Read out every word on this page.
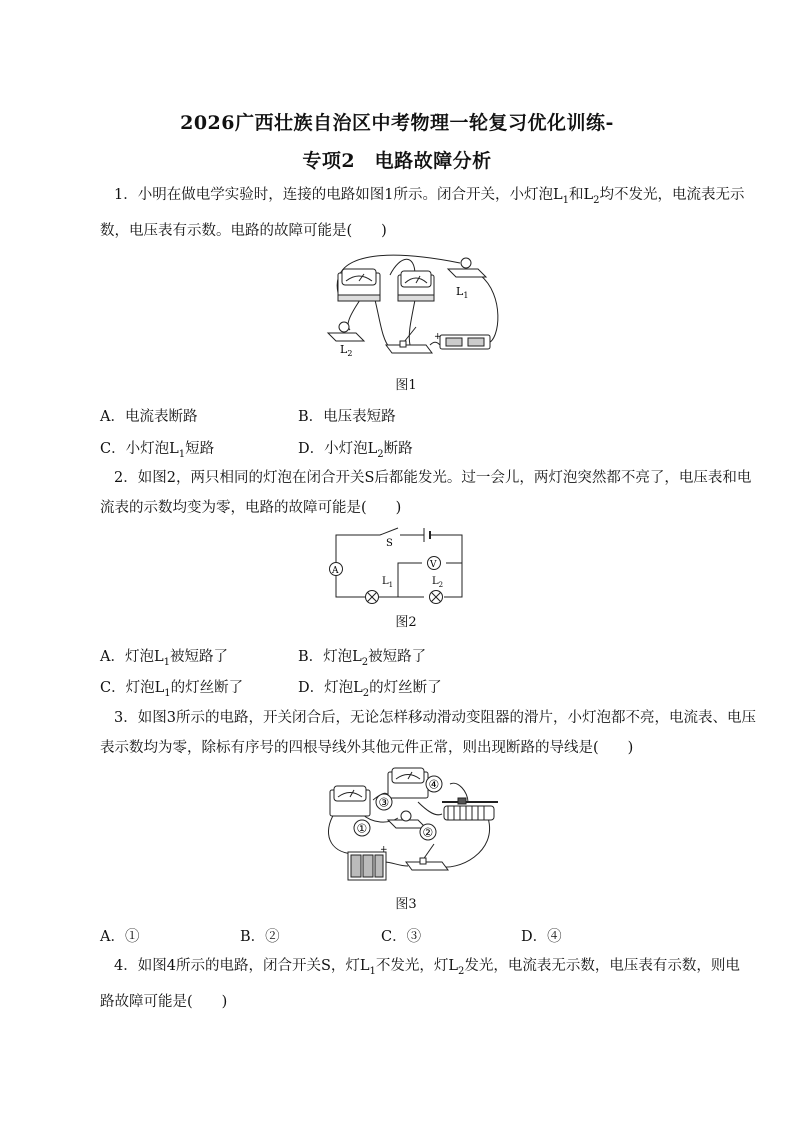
2026广西壮族自治区中考物理一轮复习优化训练-
专项2　电路故障分析
1．小明在做电学实验时，连接的电路如图1所示。闭合开关，小灯泡$L_1$和$L_2$均不发光，电流表无示
数，电压表有示数。电路的故障可能是(　　)
$L_1$
$L_2$
+
图1
A．电流表断路	B．电压表短路
C．小灯泡$L_1$短路	D．小灯泡$L_2$断路
2．如图2，两只相同的灯泡在闭合开关S后都能发光。过一会儿，两灯泡突然都不亮了，电压表和电
流表的示数均变为零，电路的故障可能是(　　)
A
V
S
$L_1$	$L_2$
图2
A．灯泡$L_1$被短路了	B．灯泡$L_2$被短路了
C．灯泡$L_1$的灯丝断了	D．灯泡$L_2$的灯丝断了
3．如图3所示的电路，开关闭合后，无论怎样移动滑动变阻器的滑片，小灯泡都不亮，电流表、电压
表示数均为零，除标有序号的四根导线外其他元件正常，则出现断路的导线是(　　)
①	②
③
④
+
图3
A．①	B．②	C．③	D．④
4．如图4所示的电路，闭合开关S，灯$L_1$不发光，灯$L_2$发光，电流表无示数，电压表有示数，则电
路故障可能是(　　)
